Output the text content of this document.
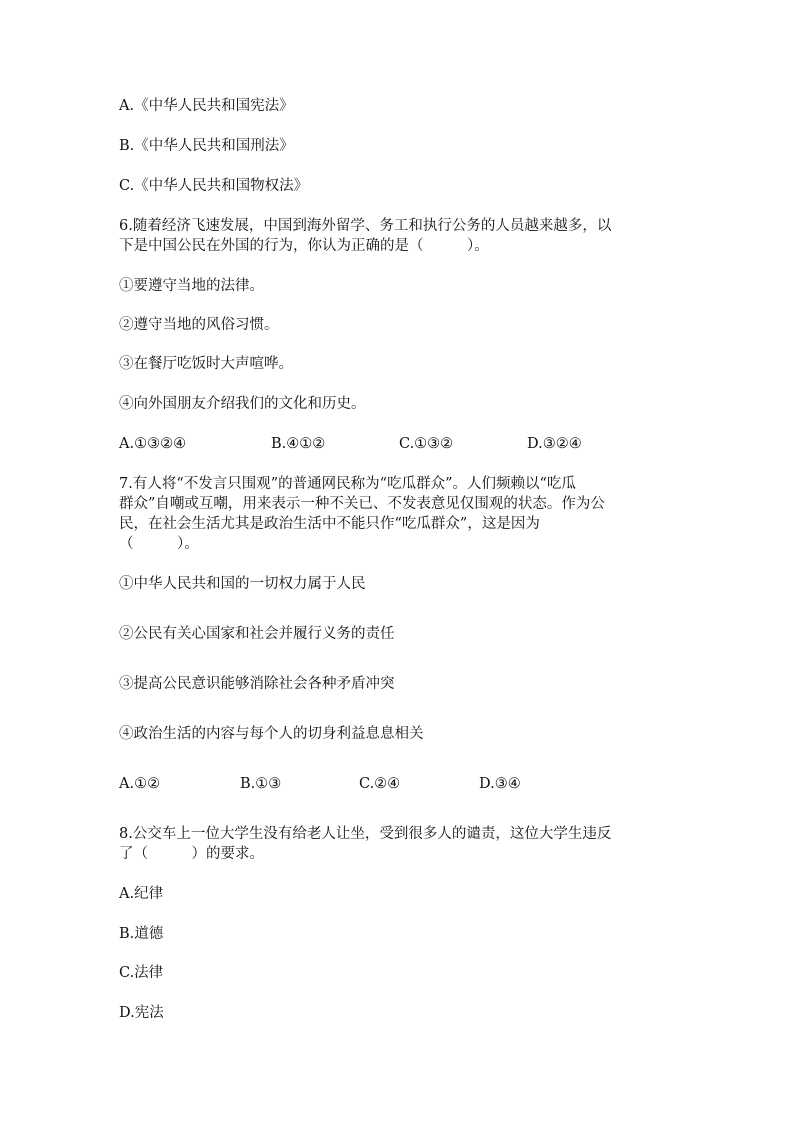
A.《中华人民共和国宪法》
B.《中华人民共和国刑法》
C.《中华人民共和国物权法》
6.随着经济飞速发展，中国到海外留学、务工和执行公务的人员越来越多，以
下是中国公民在外国的行为，你认为正确的是（　　　）。
①要遵守当地的法律。
②遵守当地的风俗习惯。
③在餐厅吃饭时大声喧哗。
④向外国朋友介绍我们的文化和历史。
A.①③②④	B.④①②	C.①③②	D.③②④
7.有人将“不发言只围观”的普通网民称为“吃瓜群众”。人们频赖以“吃瓜
群众”自嘲或互嘲，用来表示一种不关已、不发表意见仅围观的状态。作为公
民，在社会生活尤其是政治生活中不能只作“吃瓜群众”，这是因为
（　　　）。
①中华人民共和国的一切权力属于人民
②公民有关心国家和社会并履行义务的责任
③提高公民意识能够消除社会各种矛盾冲突
④政治生活的内容与每个人的切身利益息息相关
A.①②	B.①③	C.②④	D.③④
8.公交车上一位大学生没有给老人让坐，受到很多人的谴责，这位大学生违反
了（　　　）的要求。
A.纪律
B.道德
C.法律
D.宪法
